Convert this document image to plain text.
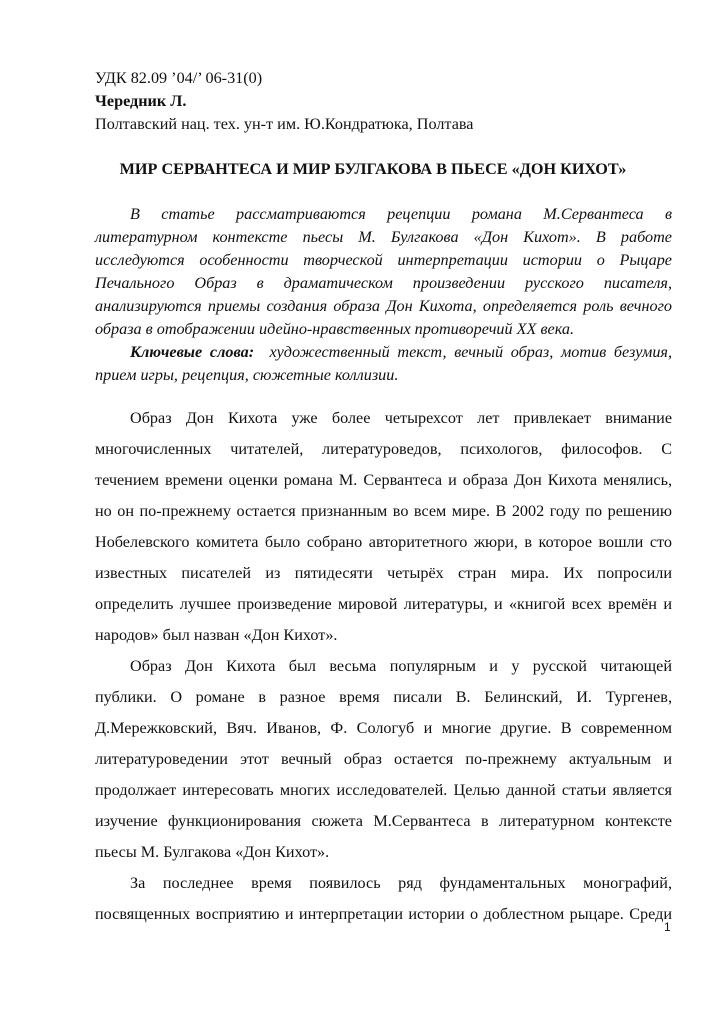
УДК 82.09 ’04/’ 06-31(0)
Чередник Л.
Полтавский нац. тех. ун-т им. Ю.Кондратюка, Полтава
МИР СЕРВАНТЕСА И МИР БУЛГАКОВА В ПЬЕСЕ «ДОН КИХОТ»
В статье рассматриваются рецепции романа М.Сервантеса в
литературном контексте пьесы М. Булгакова «Дон Кихот». В работе
исследуются особенности творческой интерпретации истории о Рыцаре
Печального Образ в драматическом произведении русского писателя,
анализируются приемы создания образа Дон Кихота, определяется роль вечного
образа в отображении идейно-нравственных противоречий XX века.
Ключевые слова: художественный текст, вечный образ, мотив безумия,
прием игры, рецепция, сюжетные коллизии.
Образ Дон Кихота уже более четырехсот лет привлекает внимание
многочисленных читателей, литературоведов, психологов, философов. С
течением времени оценки романа М. Сервантеса и образа Дон Кихота менялись,
но он по-прежнему остается признанным во всем мире. В 2002 году по решению
Нобелевского комитета было собрано авторитетного жюри, в которое вошли сто
известных писателей из пятидесяти четырёх стран мира. Их попросили
определить лучшее произведение мировой литературы, и «книгой всех времён и
народов» был назван «Дон Кихот».
Образ Дон Кихота был весьма популярным и у русской читающей
публики. О романе в разное время писали В. Белинский, И. Тургенев,
Д.Мережковский, Вяч. Иванов, Ф. Сологуб и многие другие. В современном
литературоведении этот вечный образ остается по-прежнему актуальным и
продолжает интересовать многих исследователей. Целью данной статьи является
изучение функционирования сюжета М.Сервантеса в литературном контексте
пьесы М. Булгакова «Дон Кихот».
За последнее время появилось ряд фундаментальных монографий,
посвященных восприятию и интерпретации истории о доблестном рыцаре. Среди
1
